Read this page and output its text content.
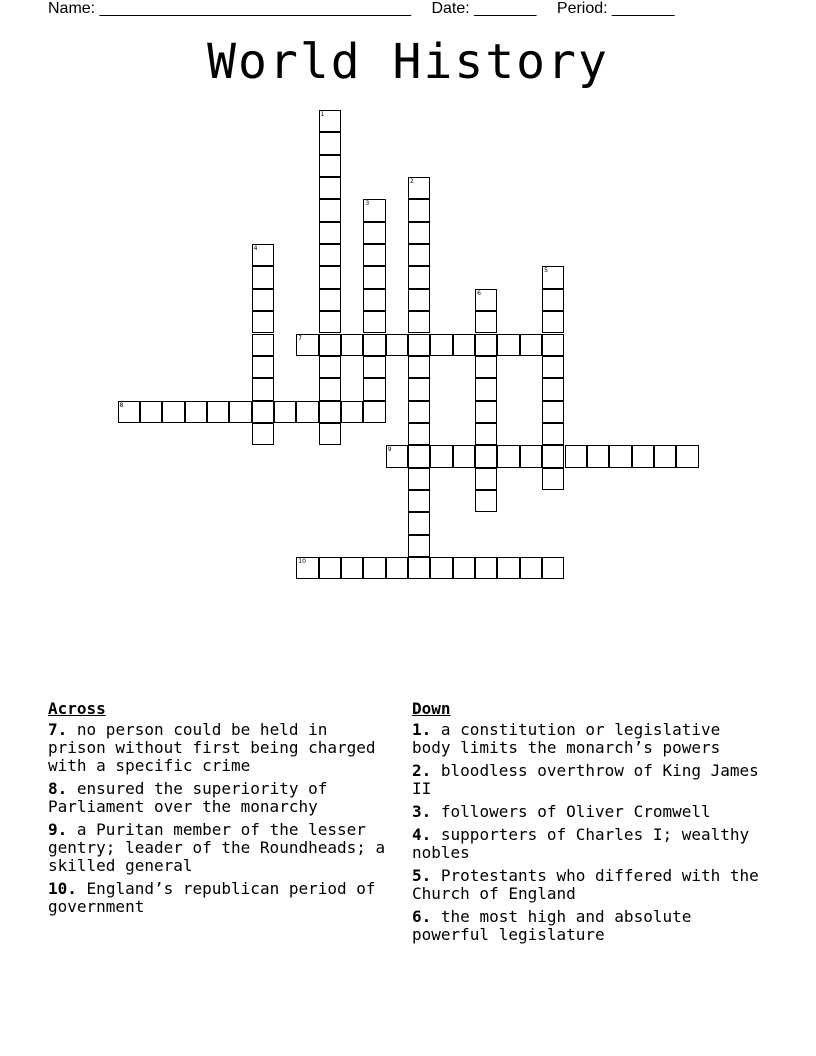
Name: ___________________________________ Date: _______ Period: _______
World History
1
2
3
4
5
6
7
8
9
10
Across
7. no person could be held in prison without first being charged with a specific crime
8. ensured the superiority of Parliament over the monarchy
9. a Puritan member of the lesser gentry; leader of the Roundheads; a skilled general
10. England’s republican period of government
Down
1. a constitution or legislative body limits the monarch’s powers
2. bloodless overthrow of King James II
3. followers of Oliver Cromwell
4. supporters of Charles I; wealthy nobles
5. Protestants who differed with the Church of England
6. the most high and absolute powerful legislature
